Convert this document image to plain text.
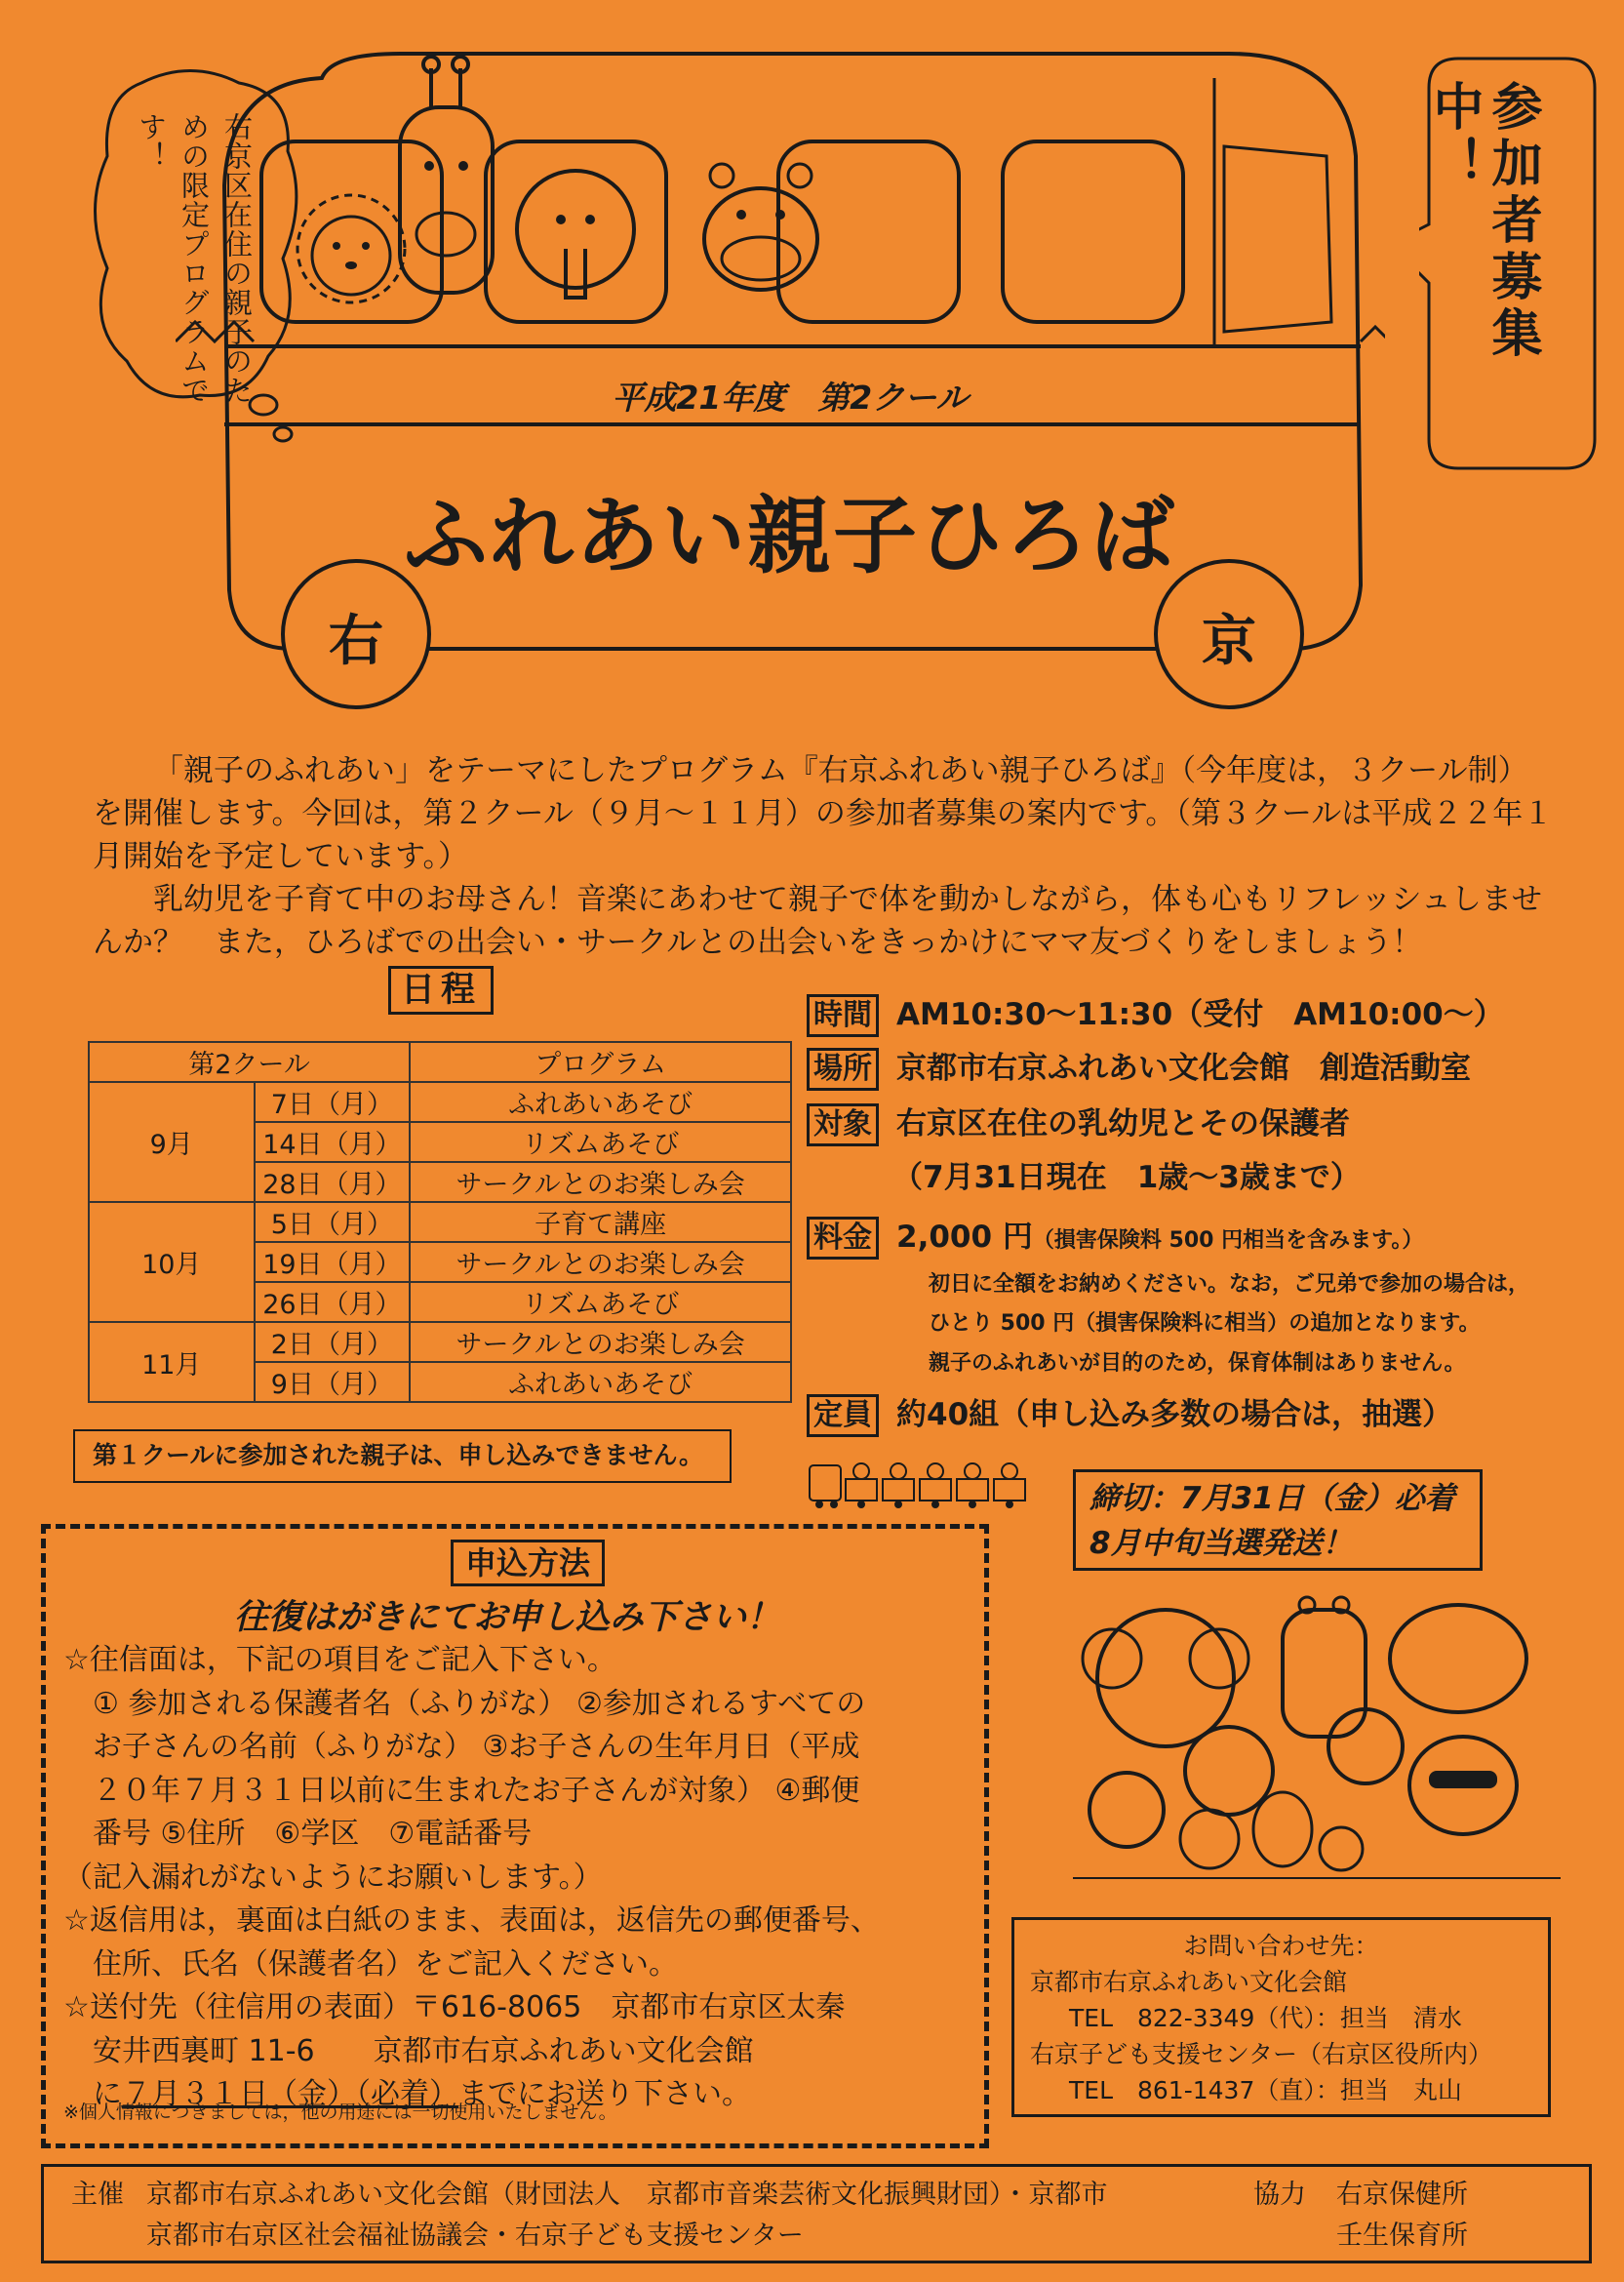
右京区在住の親子のための限定プログラムです！	参加者募集中！
平成21年度　第2クール
ふれあい親子ひろば
右	京

「親子のふれあい」をテーマにしたプログラム『右京ふれあい親子ひろば』（今年度は，３クール制）を開催します。今回は，第２クール（９月～１１月）の参加者募集の案内です。（第３クールは平成２２年１月開始を予定しています。）

乳幼児を子育て中のお母さん！音楽にあわせて親子で体を動かしながら，体も心もリフレッシュしませんか？　また，ひろばでの出会い・サークルとの出会いをきっかけにママ友づくりをしましょう！

日程
第2クール		プログラム
9月	7日（月）	ふれあいあそび
	14日（月）	リズムあそび
	28日（月）	サークルとのお楽しみ会
10月	5日（月）	子育て講座
	19日（月）	サークルとのお楽しみ会
	26日（月）	リズムあそび
11月	2日（月）	サークルとのお楽しみ会
	9日（月）	ふれあいあそび
第１クールに参加された親子は、申し込みできません。
時間 AM10:30～11:30（受付　AM10:00～）
場所 京都市右京ふれあい文化会館　創造活動室
対象 右京区在住の乳幼児とその保護者
（7月31日現在　1歳～3歳まで）
料金 2,000 円（損害保険料 500 円相当を含みます。）
初日に全額をお納めください。なお，ご兄弟で参加の場合は，
ひとり 500 円（損害保険料に相当）の追加となります。
親子のふれあいが目的のため，保育体制はありません。
定員 約40組（申し込み多数の場合は，抽選）
締切：7月31日（金）必着
8月中旬当選発送！
申込方法
往復はがきにてお申し込み下さい！
☆往信面は，下記の項目をご記入下さい。
　① 参加される保護者名（ふりがな） ②参加されるすべての
　お子さんの名前（ふりがな） ③お子さんの生年月日（平成
　２０年７月３１日以前に生まれたお子さんが対象） ④郵便
　番号 ⑤住所　⑥学区　⑦電話番号
（記入漏れがないようにお願いします。）
☆返信用は，裏面は白紙のまま、表面は，返信先の郵便番号、
　住所、氏名（保護者名）をご記入ください。
☆送付先（往信用の表面）〒616-8065　京都市右京区太秦
　安井西裏町 11-6　　京都市右京ふれあい文化会館
　に７月３１日（金）（必着）までにお送り下さい。
※個人情報につきましては，他の用途には一切使用いたしません。
お問い合わせ先：
京都市右京ふれあい文化会館
TEL　822-3349（代）：担当　清水
右京子ども支援センター（右京区役所内）
TEL　861-1437（直）：担当　丸山
主催 京都市右京ふれあい文化会館（財団法人　京都市音楽芸術文化振興財団）・京都市
京都市右京区社会福祉協議会・右京子ども支援センター
協力 右京保健所
壬生保育所
